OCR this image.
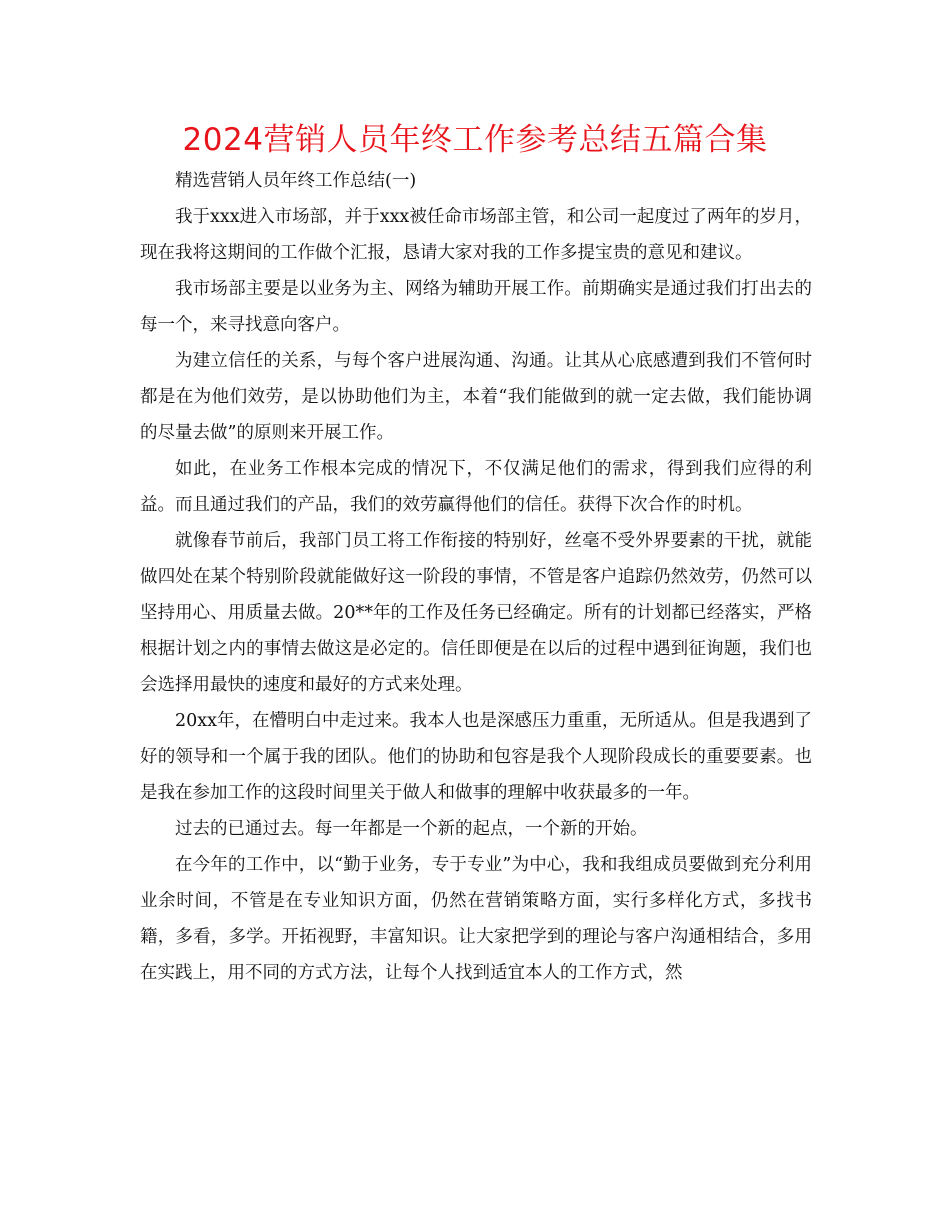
2024营销人员年终工作参考总结五篇合集

精选营销人员年终工作总结(一)

我于xxx进入市场部，并于xxx被任命市场部主管，和公司一起度过了两年的岁月，现在我将这期间的工作做个汇报，恳请大家对我的工作多提宝贵的意见和建议。

我市场部主要是以业务为主、网络为辅助开展工作。前期确实是通过我们打出去的每一个，来寻找意向客户。

为建立信任的关系，与每个客户进展沟通、沟通。让其从心底感遭到我们不管何时都是在为他们效劳，是以协助他们为主，本着“我们能做到的就一定去做，我们能协调的尽量去做”的原则来开展工作。

如此，在业务工作根本完成的情况下，不仅满足他们的需求，得到我们应得的利益。而且通过我们的产品，我们的效劳赢得他们的信任。获得下次合作的时机。

就像春节前后，我部门员工将工作衔接的特别好，丝毫不受外界要素的干扰，就能做四处在某个特别阶段就能做好这一阶段的事情，不管是客户追踪仍然效劳，仍然可以坚持用心、用质量去做。20**年的工作及任务已经确定。所有的计划都已经落实，严格根据计划之内的事情去做这是必定的。信任即便是在以后的过程中遇到征询题，我们也会选择用最快的速度和最好的方式来处理。

20xx年，在懵明白中走过来。我本人也是深感压力重重，无所适从。但是我遇到了好的领导和一个属于我的团队。他们的协助和包容是我个人现阶段成长的重要要素。也是我在参加工作的这段时间里关于做人和做事的理解中收获最多的一年。

过去的已通过去。每一年都是一个新的起点，一个新的开始。

在今年的工作中，以“勤于业务，专于专业”为中心，我和我组成员要做到充分利用业余时间，不管是在专业知识方面，仍然在营销策略方面，实行多样化方式，多找书籍，多看，多学。开拓视野，丰富知识。让大家把学到的理论与客户沟通相结合，多用在实践上，用不同的方式方法，让每个人找到适宜本人的工作方式，然
